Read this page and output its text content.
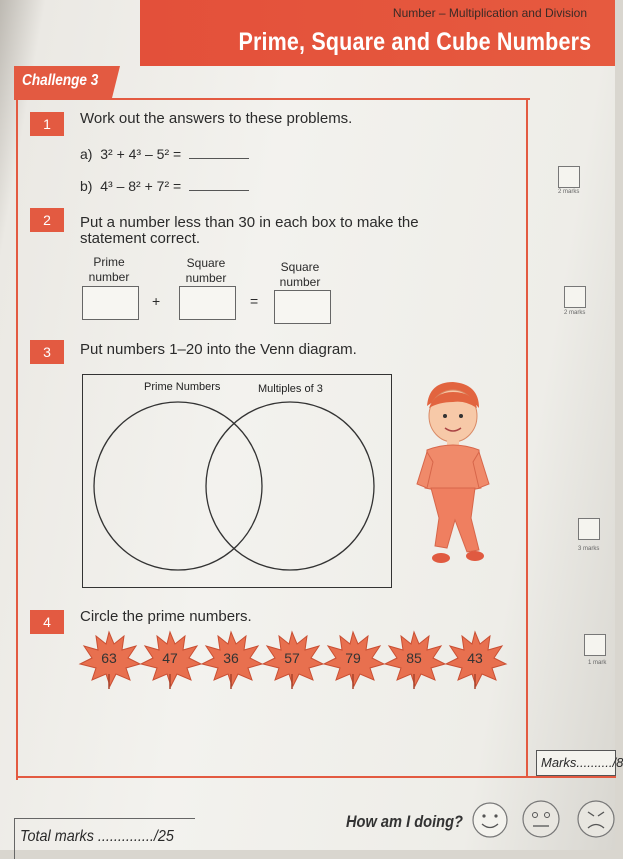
Number – Multiplication and Division
Prime, Square and Cube Numbers
Challenge 3
1	Work out the answers to these problems.
a) 3² + 4³ – 5² =
b) 4³ – 8² + 7² =	2 marks
2	Put a number less than 30 in each box to make the
statement correct.
Prime number
Square number
Square number
+	=
2 marks
3	Put numbers 1–20 into the Venn diagram.
Prime Numbers	Multiples of 3
3 marks
4	Circle the prime numbers.
63	47	36	57	79	85	43	1 mark
Marks........../8
Total marks ............../25
How am I doing?
